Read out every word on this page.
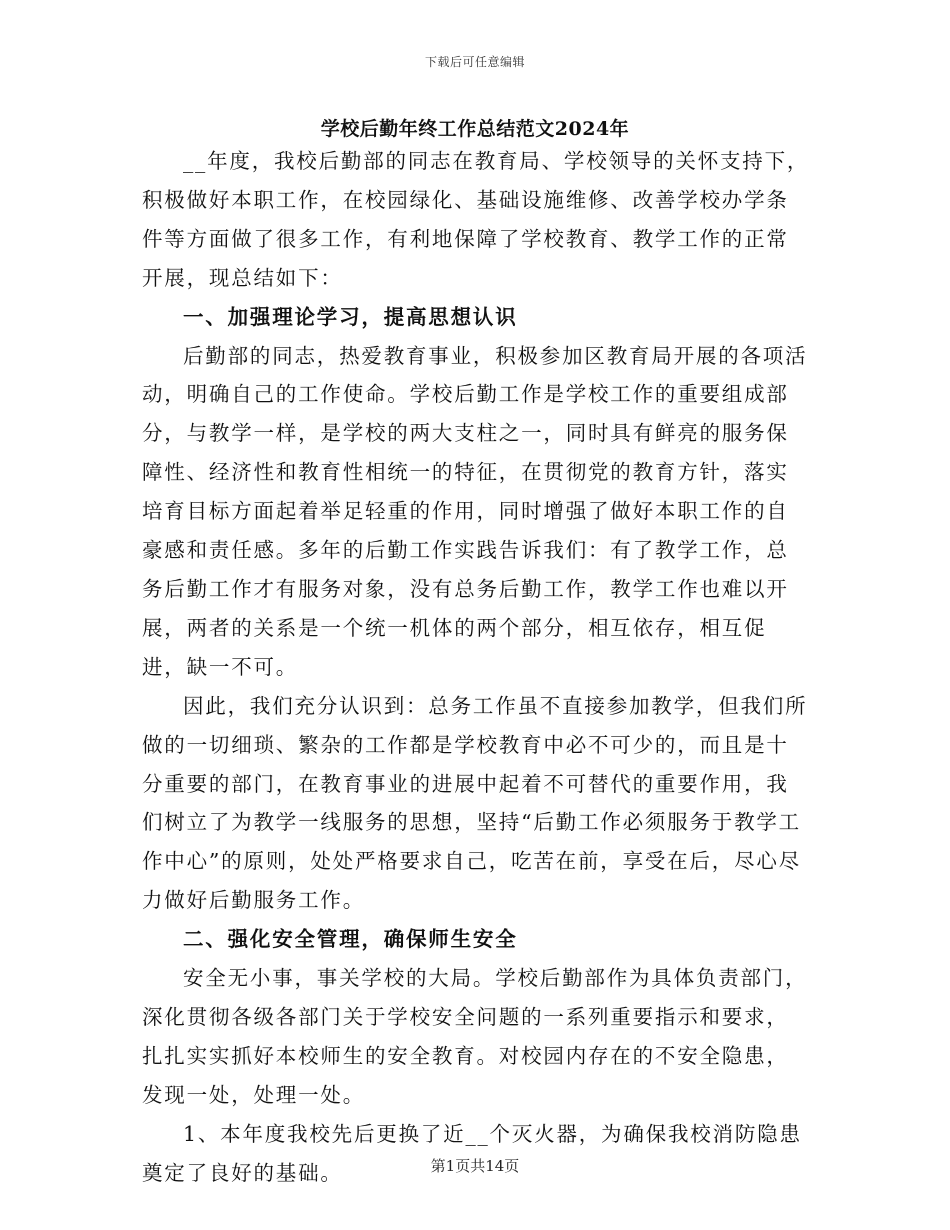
下载后可任意编辑
学校后勤年终工作总结范文2024年

__年度，我校后勤部的同志在教育局、学校领导的关怀支持下，积极做好本职工作，在校园绿化、基础设施维修、改善学校办学条件等方面做了很多工作，有利地保障了学校教育、教学工作的正常开展，现总结如下：

一、加强理论学习，提高思想认识

后勤部的同志，热爱教育事业，积极参加区教育局开展的各项活动，明确自己的工作使命。学校后勤工作是学校工作的重要组成部分，与教学一样，是学校的两大支柱之一，同时具有鲜亮的服务保障性、经济性和教育性相统一的特征，在贯彻党的教育方针，落实培育目标方面起着举足轻重的作用，同时增强了做好本职工作的自豪感和责任感。多年的后勤工作实践告诉我们：有了教学工作，总务后勤工作才有服务对象，没有总务后勤工作，教学工作也难以开展，两者的关系是一个统一机体的两个部分，相互依存，相互促进，缺一不可。

因此，我们充分认识到：总务工作虽不直接参加教学，但我们所做的一切细琐、繁杂的工作都是学校教育中必不可少的，而且是十分重要的部门，在教育事业的进展中起着不可替代的重要作用，我们树立了为教学一线服务的思想，坚持“后勤工作必须服务于教学工作中心”的原则，处处严格要求自己，吃苦在前，享受在后，尽心尽力做好后勤服务工作。

二、强化安全管理，确保师生安全

安全无小事，事关学校的大局。学校后勤部作为具体负责部门，深化贯彻各级各部门关于学校安全问题的一系列重要指示和要求，扎扎实实抓好本校师生的安全教育。对校园内存在的不安全隐患，发现一处，处理一处。

1、本年度我校先后更换了近__个灭火器，为确保我校消防隐患奠定了良好的基础。	第1页共14页
